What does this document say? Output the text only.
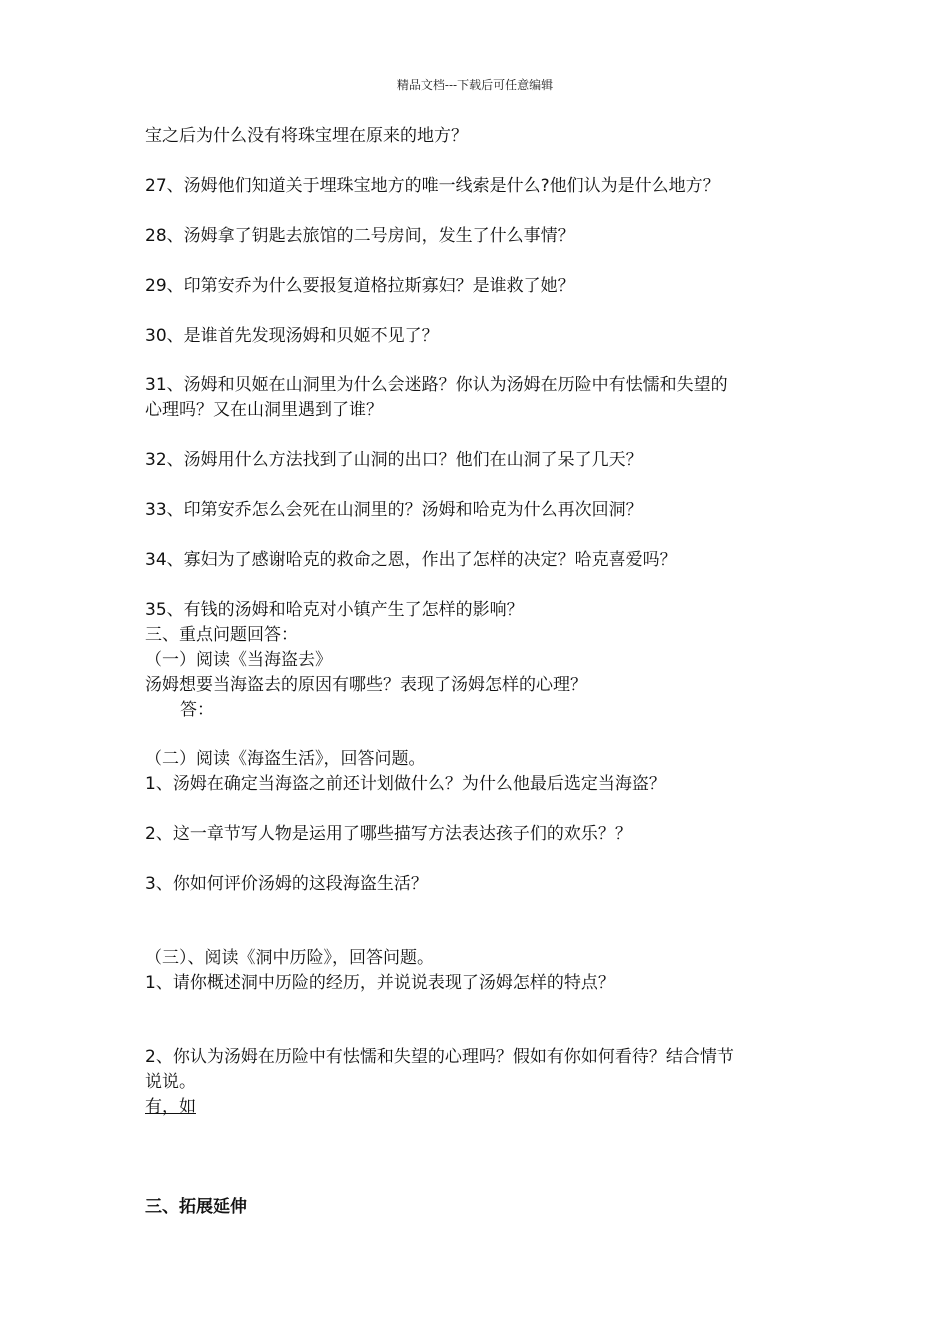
精品文档---下载后可任意编辑
宝之后为什么没有将珠宝埋在原来的地方？
27、汤姆他们知道关于埋珠宝地方的唯一线索是什么?他们认为是什么地方？
28、汤姆拿了钥匙去旅馆的二号房间，发生了什么事情？
29、印第安乔为什么要报复道格拉斯寡妇？是谁救了她？
30、是谁首先发现汤姆和贝姬不见了？
31、汤姆和贝姬在山洞里为什么会迷路？你认为汤姆在历险中有怯懦和失望的
心理吗？又在山洞里遇到了谁？
32、汤姆用什么方法找到了山洞的出口？他们在山洞了呆了几天？
33、印第安乔怎么会死在山洞里的？汤姆和哈克为什么再次回洞？
34、寡妇为了感谢哈克的救命之恩，作出了怎样的决定？哈克喜爱吗？
35、有钱的汤姆和哈克对小镇产生了怎样的影响？
三、重点问题回答：
（一）阅读《当海盗去》
汤姆想要当海盗去的原因有哪些？表现了汤姆怎样的心理？
答：
（二）阅读《海盗生活》，回答问题。
1、汤姆在确定当海盗之前还计划做什么？为什么他最后选定当海盗？
2、这一章节写人物是运用了哪些描写方法表达孩子们的欢乐？？
3、你如何评价汤姆的这段海盗生活？
（三）、阅读《洞中历险》，回答问题。
1、请你概述洞中历险的经历，并说说表现了汤姆怎样的特点？
2、你认为汤姆在历险中有怯懦和失望的心理吗？假如有你如何看待？结合情节
说说。
有，如
三、拓展延伸
